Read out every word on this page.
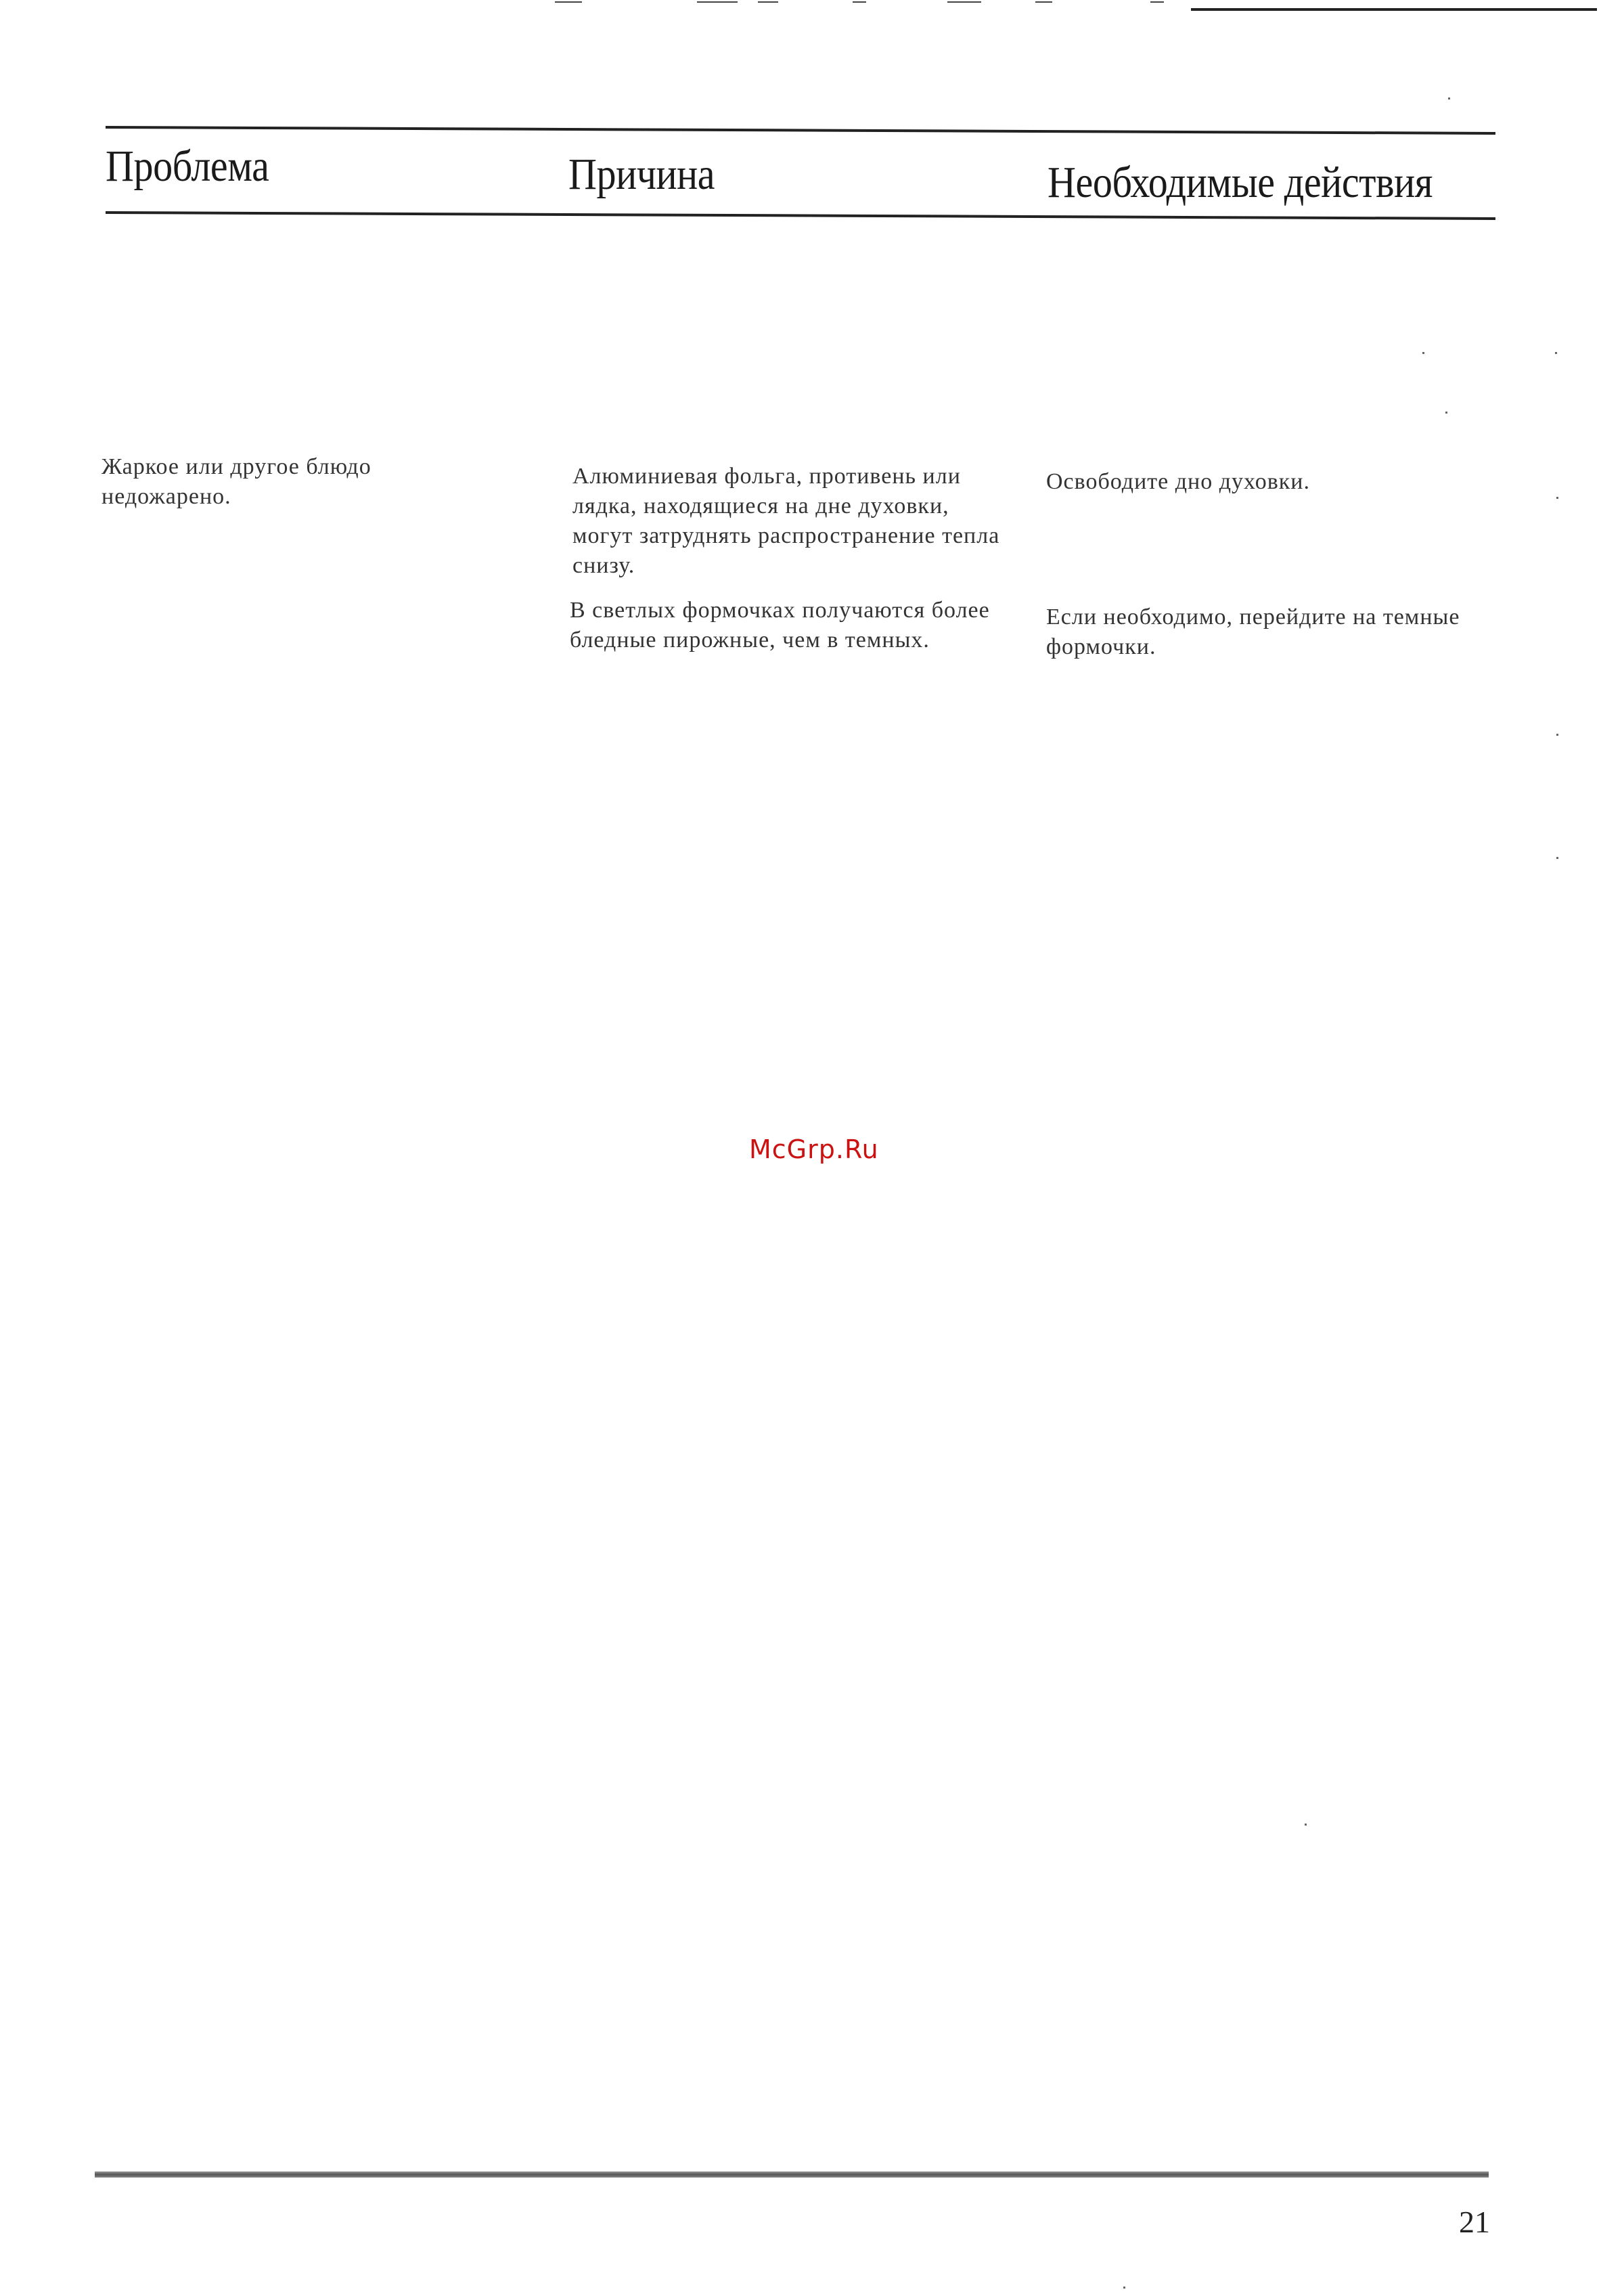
Проблема	Причина	Необходимые действия
Жаркое или другое блюдо недожарено.
Алюминиевая фольга, противень или лядка, находящиеся на дне духовки, могут затруднять распространение тепла снизу.
Освободите дно духовки.
В светлых формочках получаются более бледные пирожные, чем в темных.
Если необходимо, перейдите на темные формочки.
McGrp.Ru
21
